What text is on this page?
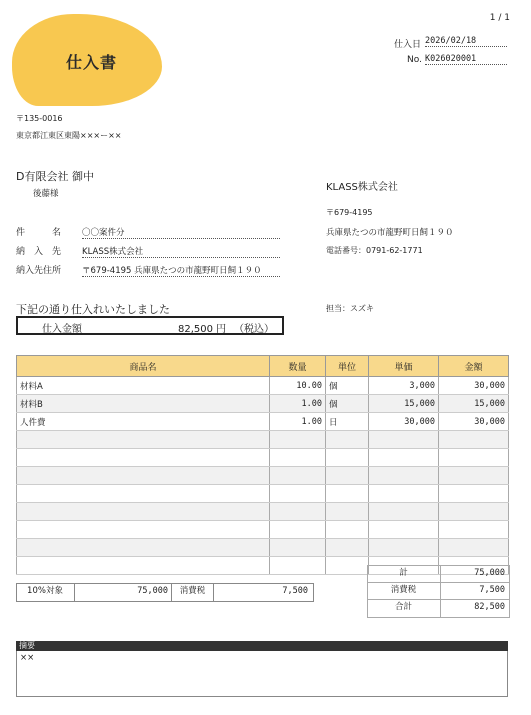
1 / 1
仕入書
仕入日 2026/02/18
No. K026020001
〒135-0016
東京都江東区東陽×××ー××
D有限会社 御中
後藤様
件　　　名 〇〇案件分
納　入　先 KLASS株式会社
納入先住所 〒679-4195 兵庫県たつの市龍野町日飼１９０
KLASS株式会社
〒679-4195
兵庫県たつの市龍野町日飼１９０
電話番号：0791-62-1771
担当：スズキ
下記の通り仕入れいたしました
仕入金額	82,500 円 （税込）
商品名	数量	単位	単価	金額
材料A	10.00	個	3,000	30,000
材料B	1.00	個	15,000	15,000
人件費	1.00	日	30,000	30,000

計	75,000
消費税	7,500
合計	82,500
10%対象	75,000	消費税	7,500
摘要
××
